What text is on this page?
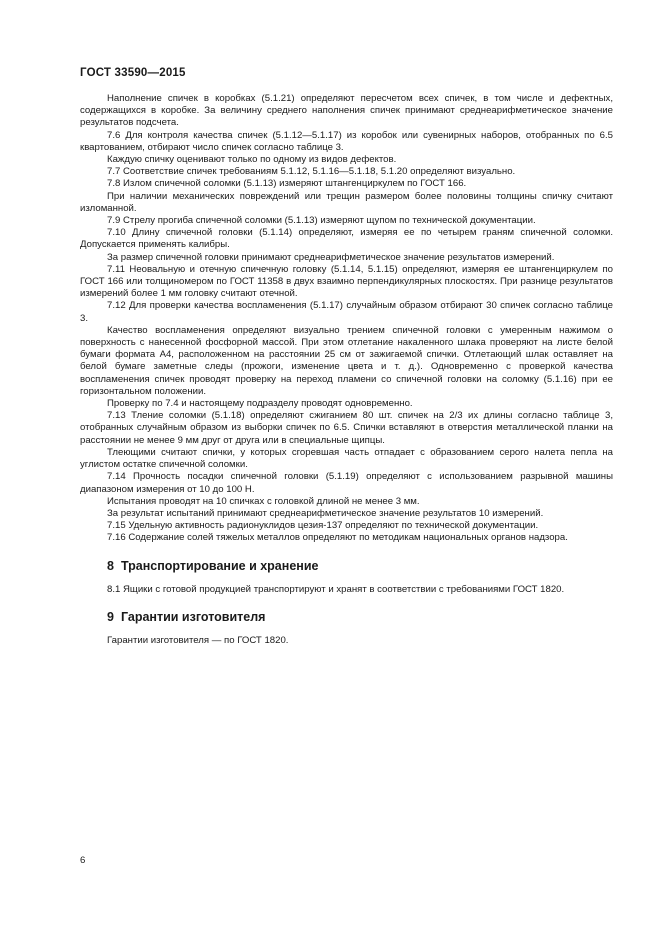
ГОСТ 33590—2015

Наполнение спичек в коробках (5.1.21) определяют пересчетом всех спичек, в том числе и дефектных, содержащихся в коробке. За величину среднего наполнения спичек принимают среднеарифметическое значение результатов подсчета.

7.6 Для контроля качества спичек (5.1.12—5.1.17) из коробок или сувенирных наборов, отобранных по 6.5 квартованием, отбирают число спичек согласно таблице 3.

Каждую спичку оценивают только по одному из видов дефектов.

7.7 Соответствие спичек требованиям 5.1.12, 5.1.16—5.1.18, 5.1.20 определяют визуально.

7.8 Излом спичечной соломки (5.1.13) измеряют штангенциркулем по ГОСТ 166.

При наличии механических повреждений или трещин размером более половины толщины спичку считают изломанной.

7.9 Стрелу прогиба спичечной соломки (5.1.13) измеряют щупом по технической документации.

7.10 Длину спичечной головки (5.1.14) определяют, измеряя ее по четырем граням спичечной соломки. Допускается применять калибры.

За размер спичечной головки принимают среднеарифметическое значение результатов измерений.

7.11 Неовальную и отечную спичечную головку (5.1.14, 5.1.15) определяют, измеряя ее штангенциркулем по ГОСТ 166 или толщиномером по ГОСТ 11358 в двух взаимно перпендикулярных плоскостях. При разнице результатов измерений более 1 мм головку считают отечной.

7.12 Для проверки качества воспламенения (5.1.17) случайным образом отбирают 30 спичек согласно таблице 3.

Качество воспламенения определяют визуально трением спичечной головки с умеренным нажимом о поверхность с нанесенной фосфорной массой. При этом отлетание накаленного шлака проверяют на листе белой бумаги формата А4, расположенном на расстоянии 25 см от зажигаемой спички. Отлетающий шлак оставляет на белой бумаге заметные следы (прожоги, изменение цвета и т. д.). Одновременно с проверкой качества воспламенения спичек проводят проверку на переход пламени со спичечной головки на соломку (5.1.16) при ее горизонтальном положении.

Проверку по 7.4 и настоящему подразделу проводят одновременно.

7.13 Тление соломки (5.1.18) определяют сжиганием 80 шт. спичек на 2/3 их длины согласно таблице 3, отобранных случайным образом из выборки спичек по 6.5. Спички вставляют в отверстия металлической планки на расстоянии не менее 9 мм друг от друга или в специальные щипцы.

Тлеющими считают спички, у которых сгоревшая часть отпадает с образованием серого налета пепла на углистом остатке спичечной соломки.

7.14 Прочность посадки спичечной головки (5.1.19) определяют с использованием разрывной машины диапазоном измерения от 10 до 100 Н.

Испытания проводят на 10 спичках с головкой длиной не менее 3 мм.

За результат испытаний принимают среднеарифметическое значение результатов 10 измерений.

7.15 Удельную активность радионуклидов цезия-137 определяют по технической документации.

7.16 Содержание солей тяжелых металлов определяют по методикам национальных органов надзора.

8 Транспортирование и хранение

8.1 Ящики с готовой продукцией транспортируют и хранят в соответствии с требованиями ГОСТ 1820.

9 Гарантии изготовителя

Гарантии изготовителя — по ГОСТ 1820.

6
